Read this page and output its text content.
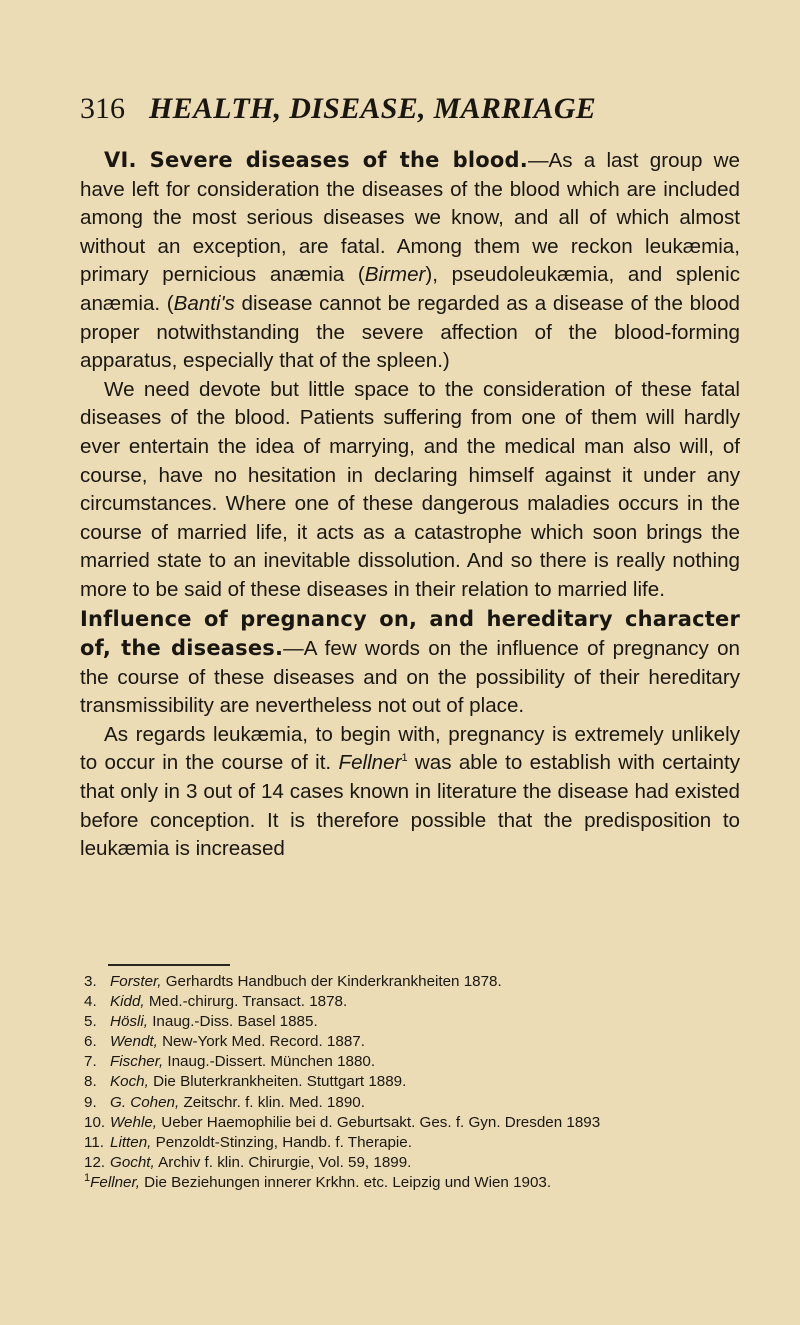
316 HEALTH, DISEASE, MARRIAGE

VI. Severe diseases of the blood.—As a last group we have left for consideration the diseases of the blood which are included among the most serious diseases we know, and all of which almost without an exception, are fatal. Among them we reckon leukæmia, primary pernicious anæmia (Birmer), pseudoleukæmia, and splenic anæmia. (Banti's disease cannot be regarded as a disease of the blood proper notwithstanding the severe affection of the blood-forming apparatus, especially that of the spleen.)

We need devote but little space to the consideration of these fatal diseases of the blood. Patients suffering from one of them will hardly ever entertain the idea of marrying, and the medical man also will, of course, have no hesitation in declaring himself against it under any circumstances. Where one of these dangerous maladies occurs in the course of married life, it acts as a catastrophe which soon brings the married state to an inevitable dissolution. And so there is really nothing more to be said of these diseases in their relation to married life.

Influence of pregnancy on, and hereditary character of, the diseases.—A few words on the influence of pregnancy on the course of these diseases and on the possibility of their hereditary transmissibility are nevertheless not out of place.

As regards leukæmia, to begin with, pregnancy is extremely unlikely to occur in the course of it. Fellner$^1$ was able to establish with certainty that only in 3 out of 14 cases known in literature the disease had existed before conception. It is therefore possible that the predisposition to leukæmia is increased

3. Forster, Gerhardts Handbuch der Kinderkrankheiten 1878.
4. Kidd, Med.-chirurg. Transact. 1878.
5. Hösli, Inaug.-Diss. Basel 1885.
6. Wendt, New-York Med. Record. 1887.
7. Fischer, Inaug.-Dissert. München 1880.
8. Koch, Die Bluterkrankheiten. Stuttgart 1889.
9. G. Cohen, Zeitschr. f. klin. Med. 1890.
10. Wehle, Ueber Haemophilie bei d. Geburtsakt. Ges. f. Gyn. Dresden 1893
11. Litten, Penzoldt-Stinzing, Handb. f. Therapie.
12. Gocht, Archiv f. klin. Chirurgie, Vol. 59, 1899.
$^1$Fellner, Die Beziehungen innerer Krkhn. etc. Leipzig und Wien 1903.
